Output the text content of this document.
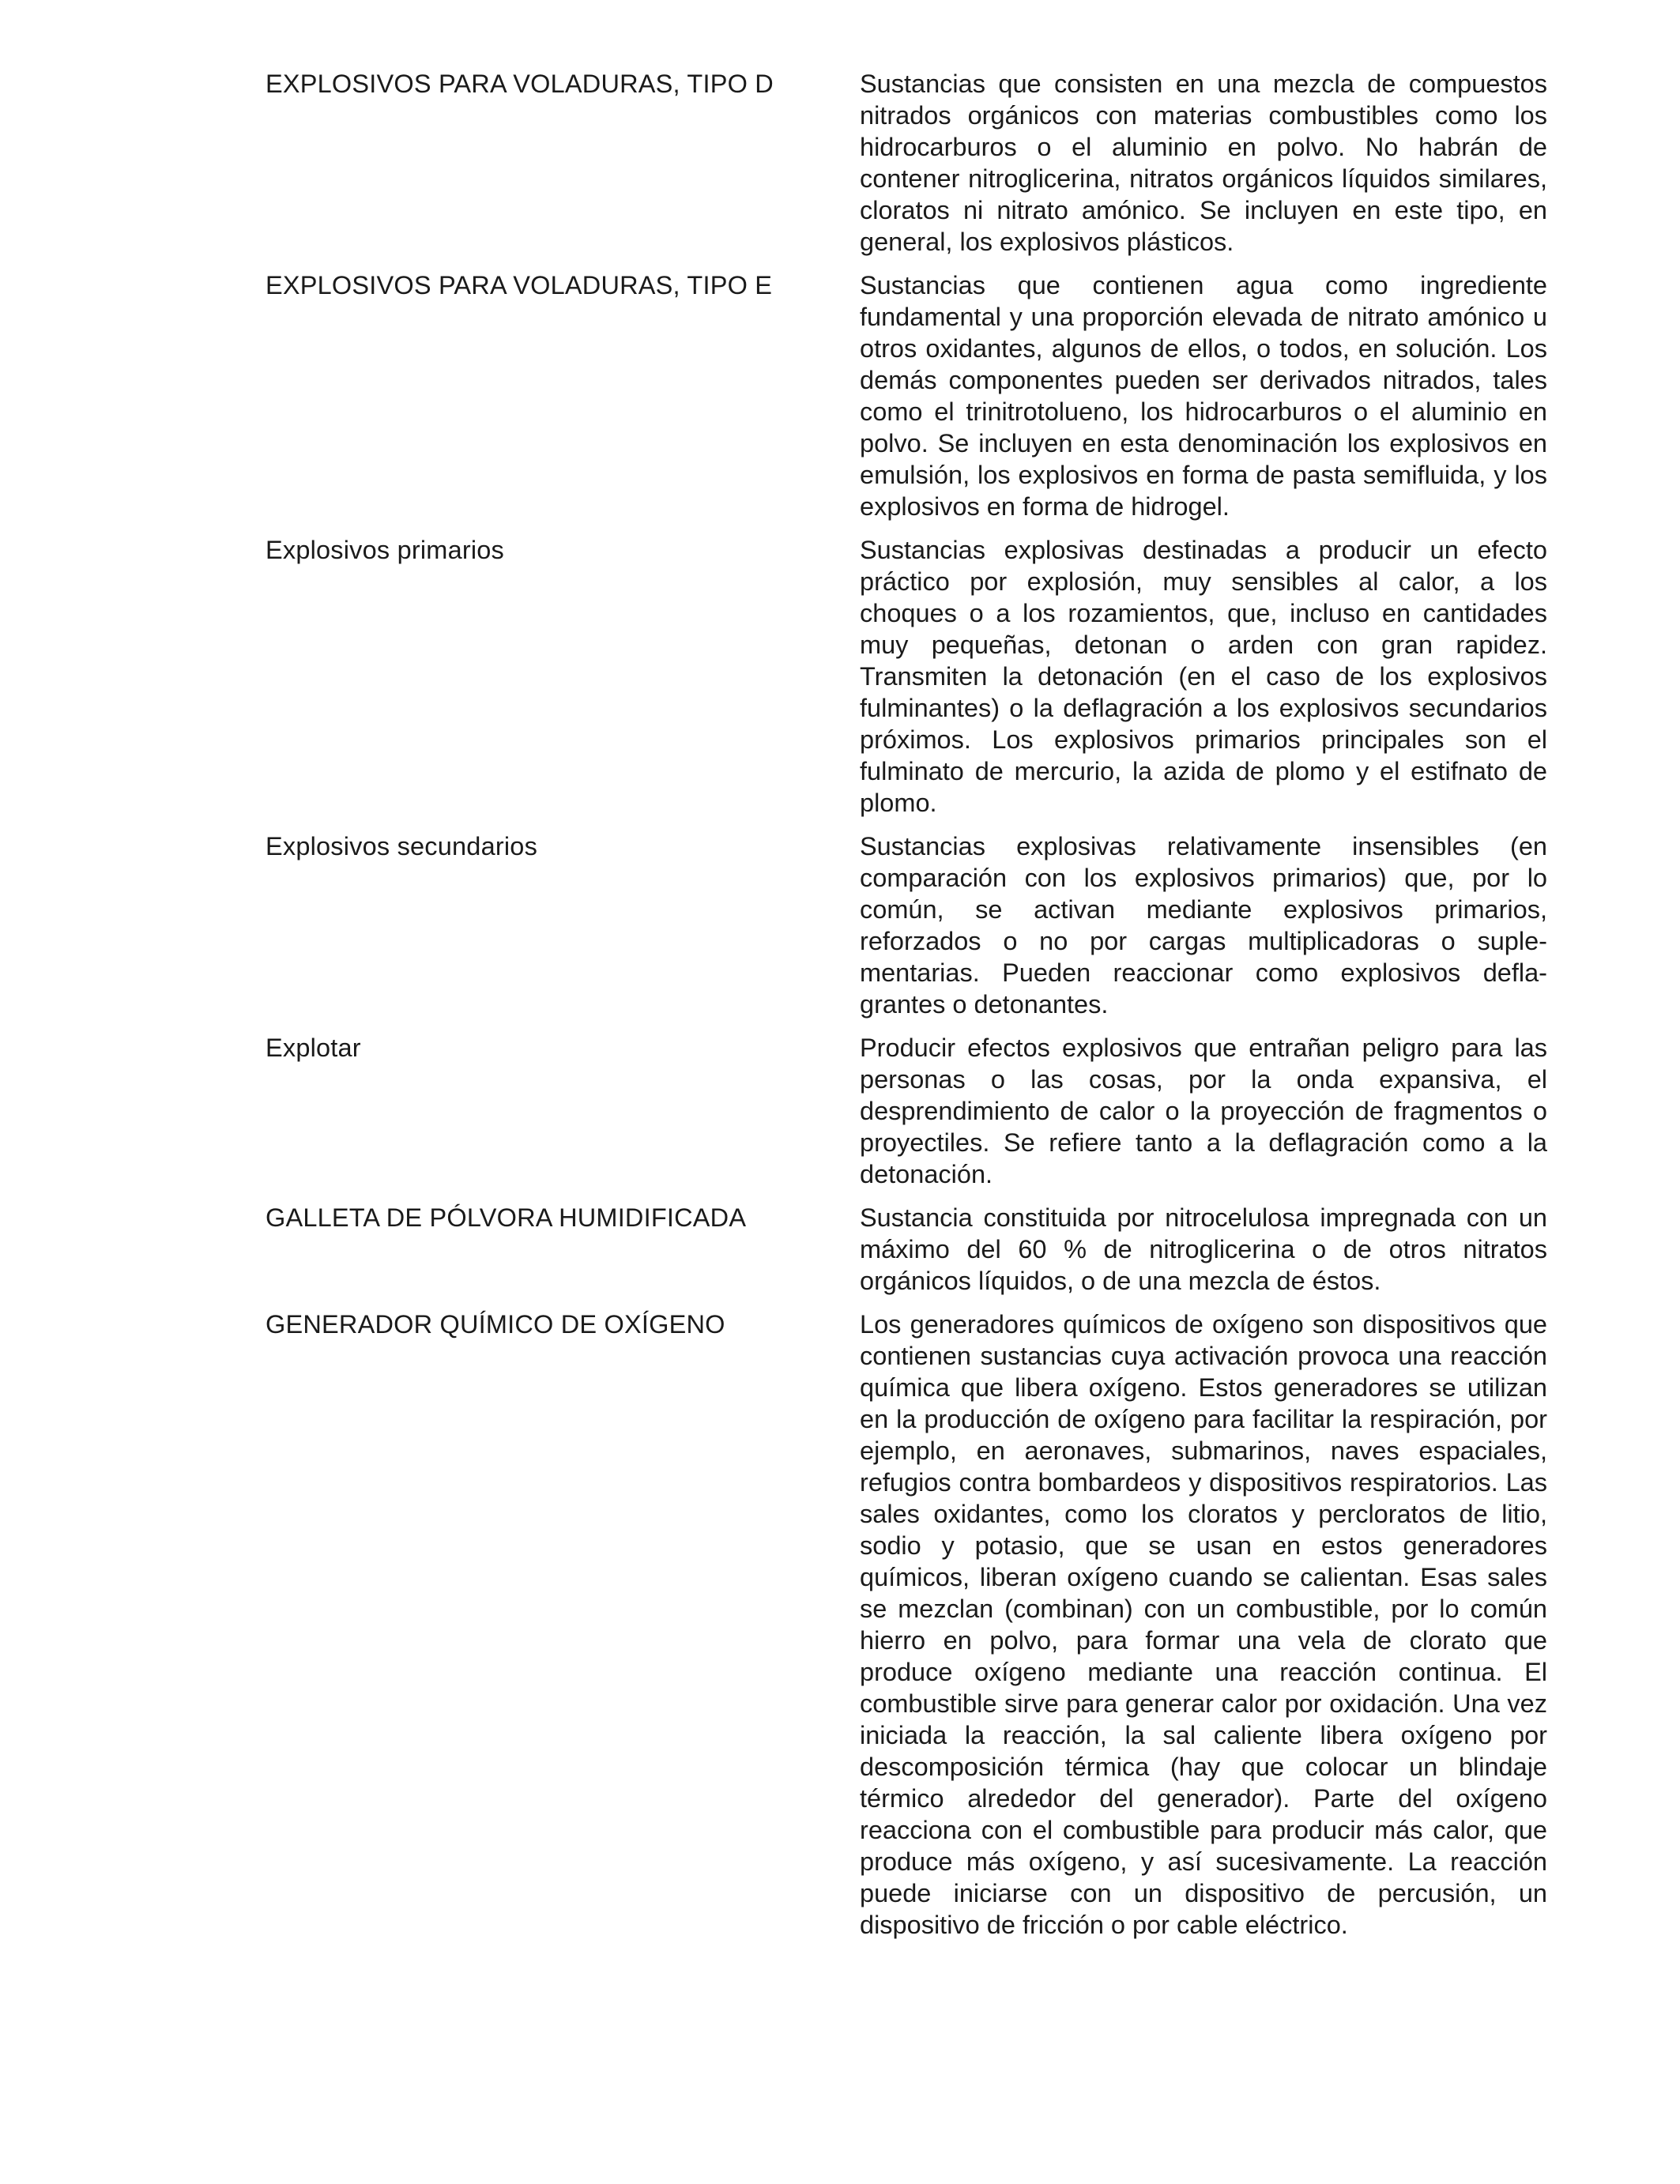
EXPLOSIVOS PARA VOLADURAS, TIPO D	Sustancias que consisten en una mezcla de compuestos nitrados orgánicos con materias combustibles como los hidrocarburos o el aluminio en polvo. No habrán de contener nitroglicerina, nitratos orgánicos líquidos similares, cloratos ni nitrato amónico. Se incluyen en este tipo, en general, los explosivos plásticos.
EXPLOSIVOS PARA VOLADURAS, TIPO E	Sustancias que contienen agua como ingrediente fundamental y una proporción elevada de nitrato amónico u otros oxidantes, algunos de ellos, o todos, en solución. Los demás componentes pueden ser derivados nitrados, tales como el trinitrotolueno, los hidrocarburos o el aluminio en polvo. Se incluyen en esta denominación los explosivos en emulsión, los explosivos en forma de pasta semifluida, y los explosivos en forma de hidrogel.
Explosivos primarios	Sustancias explosivas destinadas a producir un efecto práctico por explosión, muy sensibles al calor, a los choques o a los rozamientos, que, incluso en cantidades muy pequeñas, detonan o arden con gran rapidez. Transmiten la detonación (en el caso de los explosivos fulminantes) o la deflagración a los explosivos secundarios próximos. Los explosivos primarios principales son el fulminato de mercurio, la azida de plomo y el estifnato de plomo.
Explosivos secundarios	Sustancias explosivas relativamente insensibles (en comparación con los explosivos primarios) que, por lo común, se activan mediante explosivos primarios, reforzados o no por cargas multiplicadoras o suplementarias. Pueden reaccionar como explosivos deflagrantes o detonantes.
Explotar	Producir efectos explosivos que entrañan peligro para las personas o las cosas, por la onda expansiva, el desprendimiento de calor o la proyección de fragmentos o proyectiles. Se refiere tanto a la deflagración como a la detonación.
GALLETA DE PÓLVORA HUMIDIFICADA	Sustancia constituida por nitrocelulosa impregnada con un máximo del 60 % de nitroglicerina o de otros nitratos orgánicos líquidos, o de una mezcla de éstos.
GENERADOR QUÍMICO DE OXÍGENO	Los generadores químicos de oxígeno son dispositivos que contienen sustancias cuya activación provoca una reacción química que libera oxígeno. Estos generadores se utilizan en la producción de oxígeno para facilitar la respiración, por ejemplo, en aeronaves, submarinos, naves espaciales, refugios contra bombardeos y dispositivos respiratorios. Las sales oxidantes, como los cloratos y percloratos de litio, sodio y potasio, que se usan en estos generadores químicos, liberan oxígeno cuando se calientan. Esas sales se mezclan (combinan) con un combustible, por lo común hierro en polvo, para formar una vela de clorato que produce oxígeno mediante una reacción continua. El combustible sirve para generar calor por oxidación. Una vez iniciada la reacción, la sal caliente libera oxígeno por descomposición térmica (hay que colocar un blindaje térmico alrededor del generador). Parte del oxígeno reacciona con el combustible para producir más calor, que produce más oxígeno, y así sucesivamente. La reacción puede iniciarse con un dispositivo de percusión, un dispositivo de fricción o por cable eléctrico.
